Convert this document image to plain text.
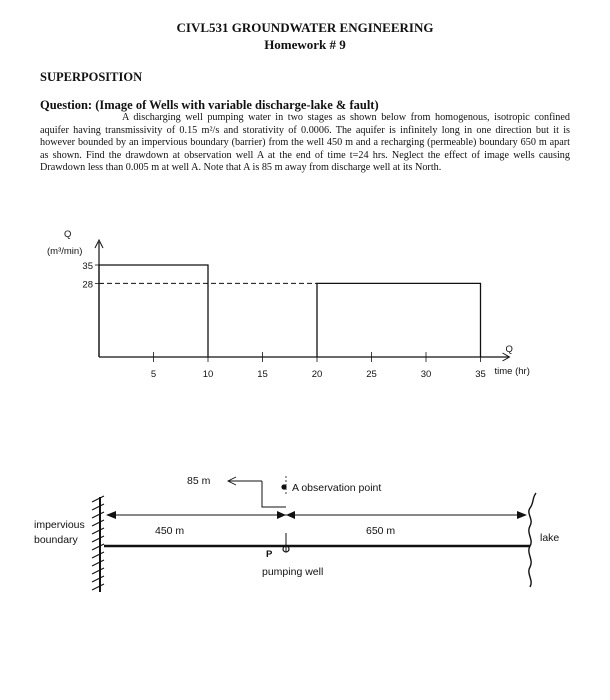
CIVL531 GROUNDWATER ENGINEERING
Homework # 9
SUPERPOSITION
Question: (Image of Wells with variable discharge-lake & fault)
A discharging well pumping water in two stages as shown below from homogenous, isotropic confined aquifer having transmissivity of 0.15 m²/s and storativity of 0.0006. The aquifer is infinitely long in one direction but it is however bounded by an impervious boundary (barrier) from the well 450 m and a recharging (permeable) boundary 650 m apart as shown. Find the drawdown at observation well A at the end of time t=24 hrs. Neglect the effect of image wells causing Drawdown less than 0.005 m at well A. Note that A is 85 m away from discharge well at its North.
Q
(m³/min)
Q
time (hr)
5	10	15	20	25	30	35
35
28
impervious
boundary
450 m	650 m
85 m
A observation point
P
pumping well
lake
